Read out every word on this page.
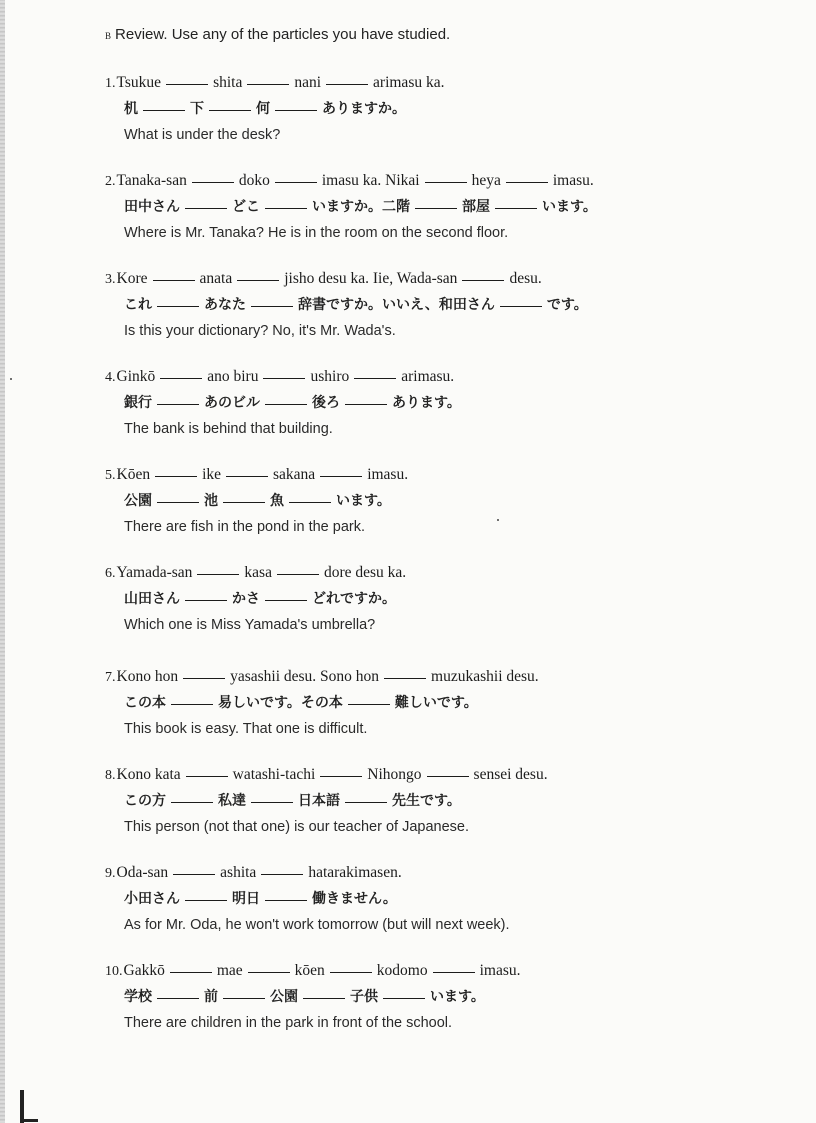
b Review. Use any of the particles you have studied.
1.Tsukue	shita	nani	arimasu ka.
机	下	何	ありますか。
What is under the desk?
2.Tanaka-san	doko	imasu ka. Nikai	heya	imasu.
田中さん	どこ	いますか。二階	部屋	います。
Where is Mr. Tanaka? He is in the room on the second floor.
3.Kore	anata	jisho desu ka. Iie, Wada-san	desu.
これ	あなた	辞書ですか。いいえ、和田さん	です。
Is this your dictionary? No, it's Mr. Wada's.
4.Ginkō	ano biru	ushiro	arimasu.
銀行	あのビル	後ろ	あります。
The bank is behind that building.
5.Kōen	ike	sakana	imasu.
公園	池	魚	います。
There are fish in the pond in the park.
6.Yamada-san	kasa	dore desu ka.
山田さん	かさ	どれですか。
Which one is Miss Yamada's umbrella?
7.Kono hon	yasashii desu. Sono hon	muzukashii desu.
この本	易しいです。その本	難しいです。
This book is easy. That one is difficult.
8.Kono kata	watashi-tachi	Nihongo	sensei desu.
この方	私達	日本語	先生です。
This person (not that one) is our teacher of Japanese.
9.Oda-san	ashita	hatarakimasen.
小田さん	明日	働きません。
As for Mr. Oda, he won't work tomorrow (but will next week).
10.Gakkō	mae	kōen	kodomo	imasu.
学校	前	公園	子供	います。
There are children in the park in front of the school.
